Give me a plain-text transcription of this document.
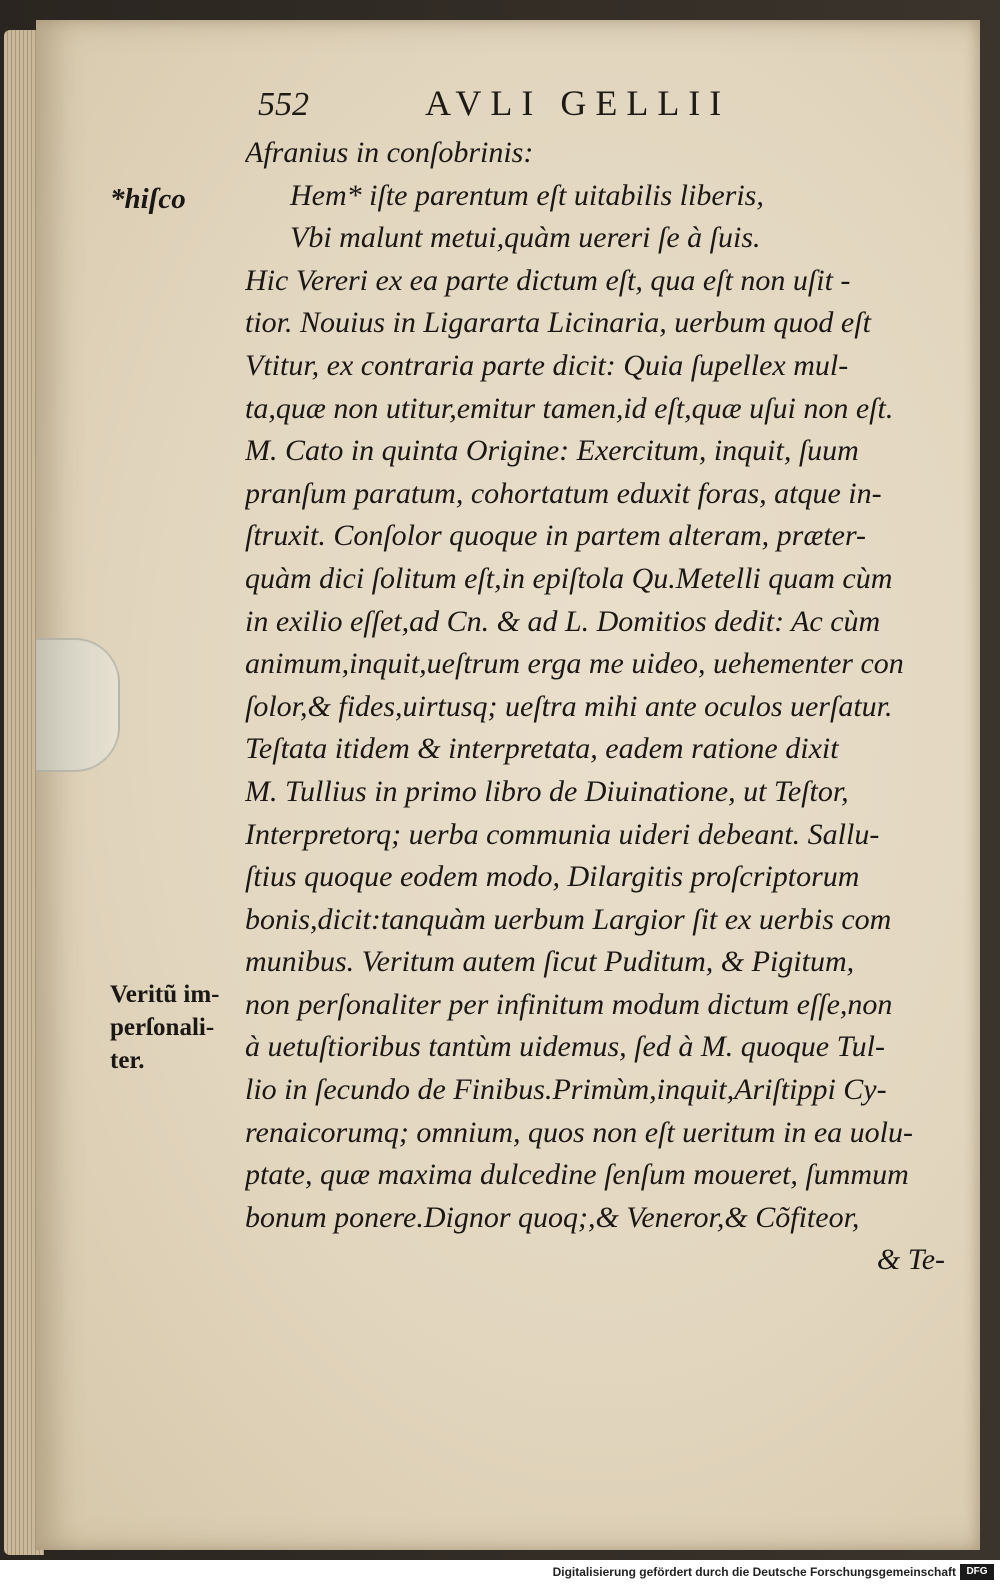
552	AVLI GELLII
*hiſco
Veritũ im-
perſonali-
ter.
Afranius in conſobrinis:
Hem* iſte parentum eſt uitabilis liberis,
Vbi malunt metui,quàm uereri ſe à ſuis.
Hic Vereri ex ea parte dictum eſt, qua eſt non uſit -
tior. Nouius in Ligararta Licinaria, uerbum quod eſt
Vtitur, ex contraria parte dicit: Quia ſupellex mul-
ta,quæ non utitur,emitur tamen,id eſt,quæ uſui non eſt.
M. Cato in quinta Origine: Exercitum, inquit, ſuum
pranſum paratum, cohortatum eduxit foras, atque in-
ſtruxit. Conſolor quoque in partem alteram, præter-
quàm dici ſolitum eſt,in epiſtola Qu.Metelli quam cùm
in exilio eſſet,ad Cn. & ad L. Domitios dedit: Ac cùm
animum,inquit,ueſtrum erga me uideo, uehementer con
ſolor,& fides,uirtusq; ueſtra mihi ante oculos uerſatur.
Teſtata itidem & interpretata, eadem ratione dixit
M. Tullius in primo libro de Diuinatione, ut Teſtor,
Interpretorq; uerba communia uideri debeant. Sallu-
ſtius quoque eodem modo, Dilargitis proſcriptorum
bonis,dicit:tanquàm uerbum Largior ſit ex uerbis com
munibus. Veritum autem ſicut Puditum, & Pigitum,
non perſonaliter per infinitum modum dictum eſſe,non
à uetuſtioribus tantùm uidemus, ſed à M. quoque Tul-
lio in ſecundo de Finibus.Primùm,inquit,Ariſtippi Cy-
renaicorumq; omnium, quos non eſt ueritum in ea uolu-
ptate, quæ maxima dulcedine ſenſum moueret, ſummum
bonum ponere.Dignor quoq;,& Veneror,& Cõfiteor,
& Te-
Digitalisierung gefördert durch die Deutsche Forschungsgemeinschaft	DFG
